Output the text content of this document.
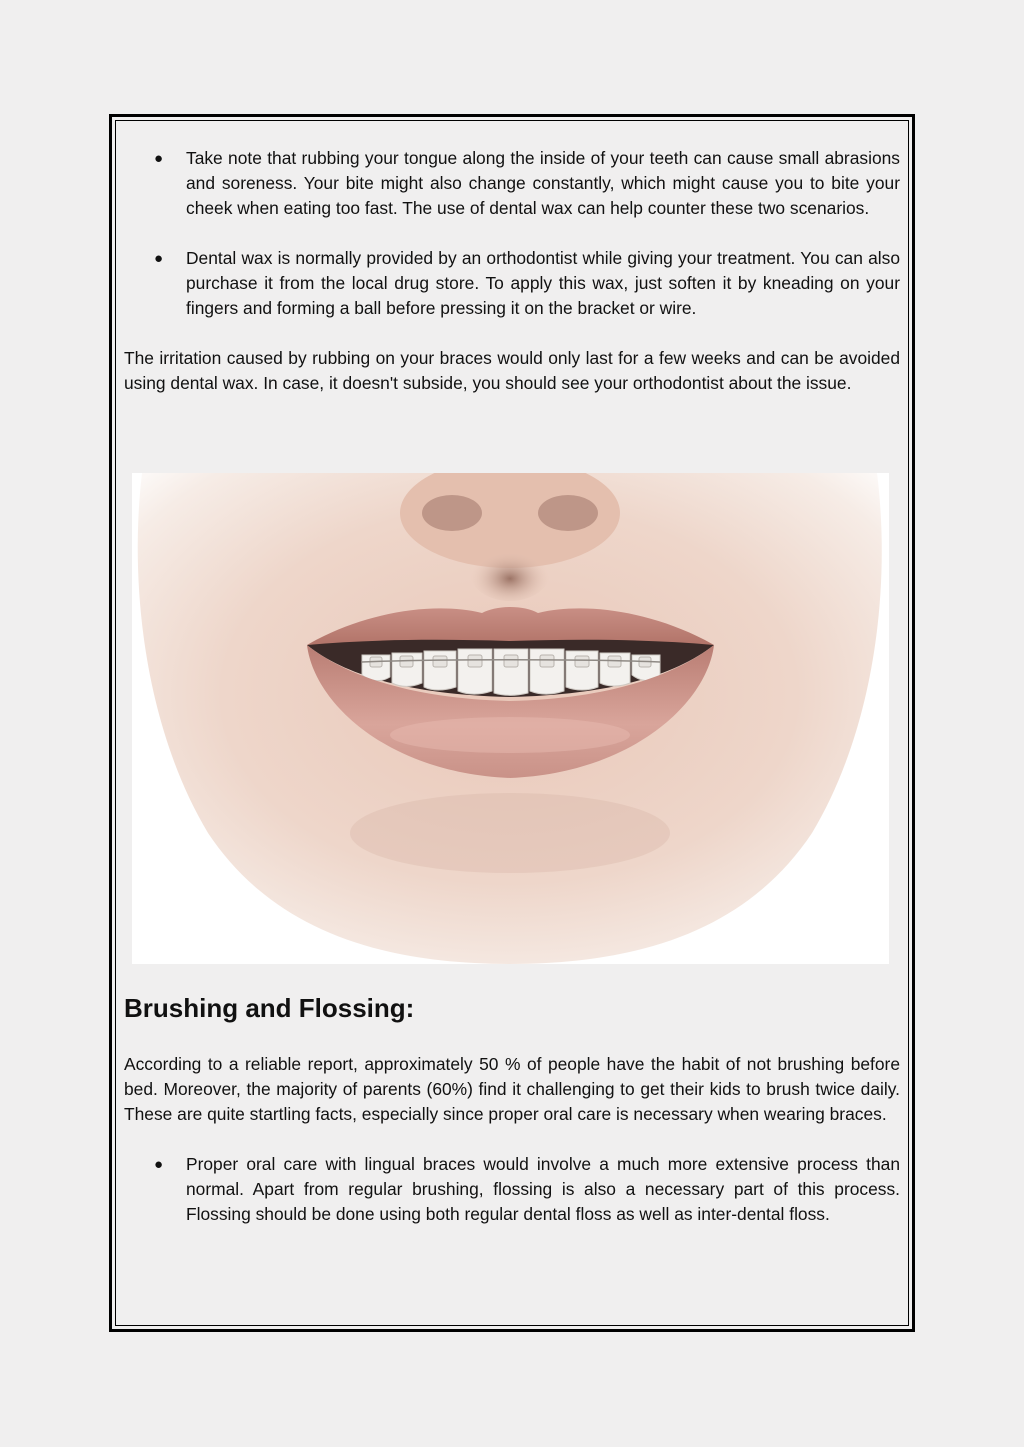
● Take note that rubbing your tongue along the inside of your teeth can cause small abrasions and soreness. Your bite might also change constantly, which might cause you to bite your cheek when eating too fast. The use of dental wax can help counter these two scenarios.
● Dental wax is normally provided by an orthodontist while giving your treatment. You can also purchase it from the local drug store. To apply this wax, just soften it by kneading on your fingers and forming a ball before pressing it on the bracket or wire.

The irritation caused by rubbing on your braces would only last for a few weeks and can be avoided using dental wax. In case, it doesn't subside, you should see your orthodontist about the issue.

Brushing and Flossing:

According to a reliable report, approximately 50 % of people have the habit of not brushing before bed. Moreover, the majority of parents (60%) find it challenging to get their kids to brush twice daily. These are quite startling facts, especially since proper oral care is necessary when wearing braces.

● Proper oral care with lingual braces would involve a much more extensive process than normal. Apart from regular brushing, flossing is also a necessary part of this process. Flossing should be done using both regular dental floss as well as inter-dental floss.
